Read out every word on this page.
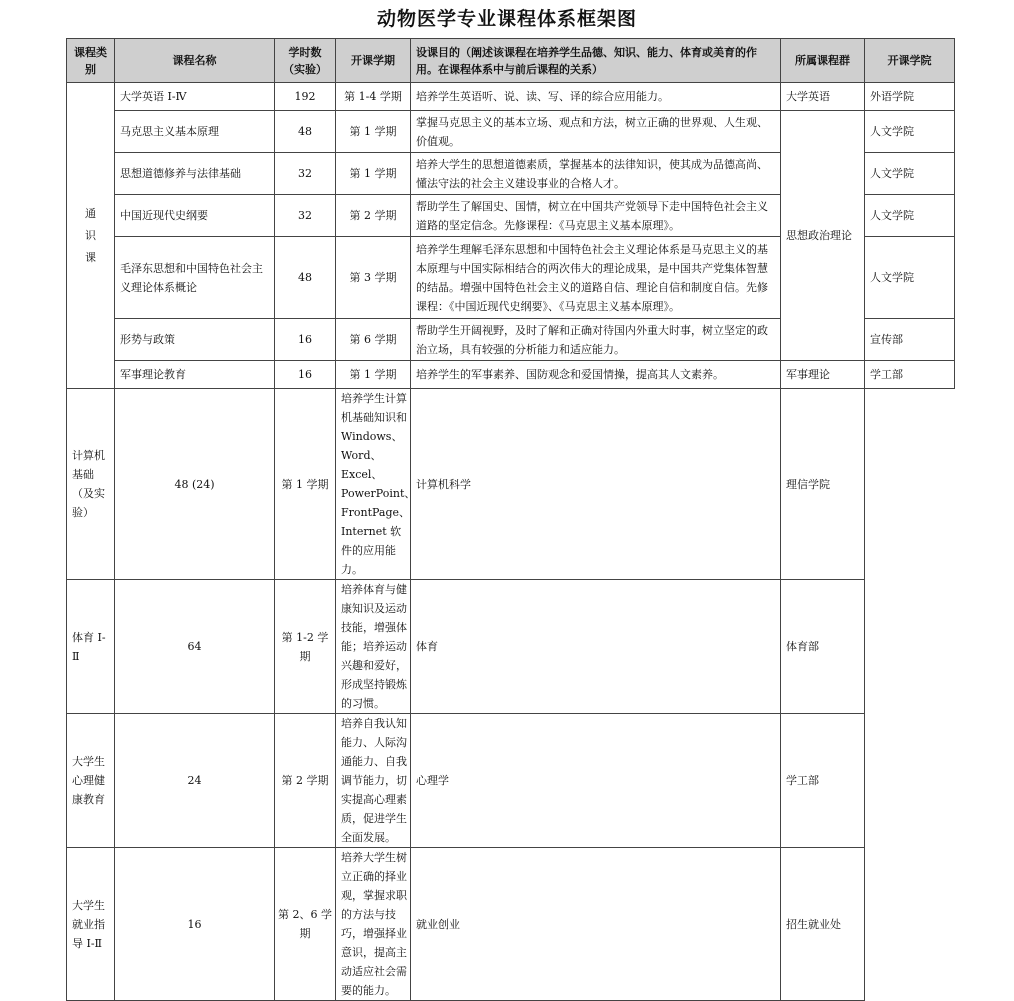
动物医学专业课程体系框架图
课程类别	课程名称	学时数（实验）	开课学期	设课目的（阐述该课程在培养学生品德、知识、能力、体育或美育的作用。在课程体系中与前后课程的关系）	所属课程群	开课学院
通识课	大学英语 Ⅰ-Ⅳ	192	第 1-4 学期	培养学生英语听、说、读、写、译的综合应用能力。	大学英语	外语学院
	马克思主义基本原理	48	第 1 学期	掌握马克思主义的基本立场、观点和方法，树立正确的世界观、人生观、价值观。	思想政治理论	人文学院
	思想道德修养与法律基础	32	第 1 学期	培养大学生的思想道德素质，掌握基本的法律知识，使其成为品德高尚、懂法守法的社会主义建设事业的合格人才。		人文学院
	中国近现代史纲要	32	第 2 学期	帮助学生了解国史、国情，树立在中国共产党领导下走中国特色社会主义道路的坚定信念。先修课程：《马克思主义基本原理》。		人文学院
	毛泽东思想和中国特色社会主义理论体系概论	48	第 3 学期	培养学生理解毛泽东思想和中国特色社会主义理论体系是马克思主义的基本原理与中国实际相结合的两次伟大的理论成果，是中国共产党集体智慧的结晶。增强中国特色社会主义的道路自信、理论自信和制度自信。先修课程：《中国近现代史纲要》、《马克思主义基本原理》。		人文学院
	形势与政策	16	第 6 学期	帮助学生开阔视野，及时了解和正确对待国内外重大时事，树立坚定的政治立场，具有较强的分析能力和适应能力。		宣传部
	军事理论教育	16	第 1 学期	培养学生的军事素养、国防观念和爱国情操，提高其人文素养。	军事理论	学工部
计算机基础（及实验）	48 (24)	第 1 学期	培养学生计算机基础知识和 Windows、Word、Excel、PowerPoint、FrontPage、Internet 软件的应用能力。	计算机科学	理信学院	
体育 Ⅰ-Ⅱ	64	第 1-2 学期	培养体育与健康知识及运动技能，增强体能；培养运动兴趣和爱好，形成坚持锻炼的习惯。	体育	体育部	
大学生心理健康教育	24	第 2 学期	培养自我认知能力、人际沟通能力、自我调节能力，切实提高心理素质，促进学生全面发展。	心理学	学工部	
大学生就业指导 Ⅰ-Ⅱ	16	第 2、6 学期	培养大学生树立正确的择业观，掌握求职的方法与技巧，增强择业意识，提高主动适应社会需要的能力。	就业创业	招生就业处	
